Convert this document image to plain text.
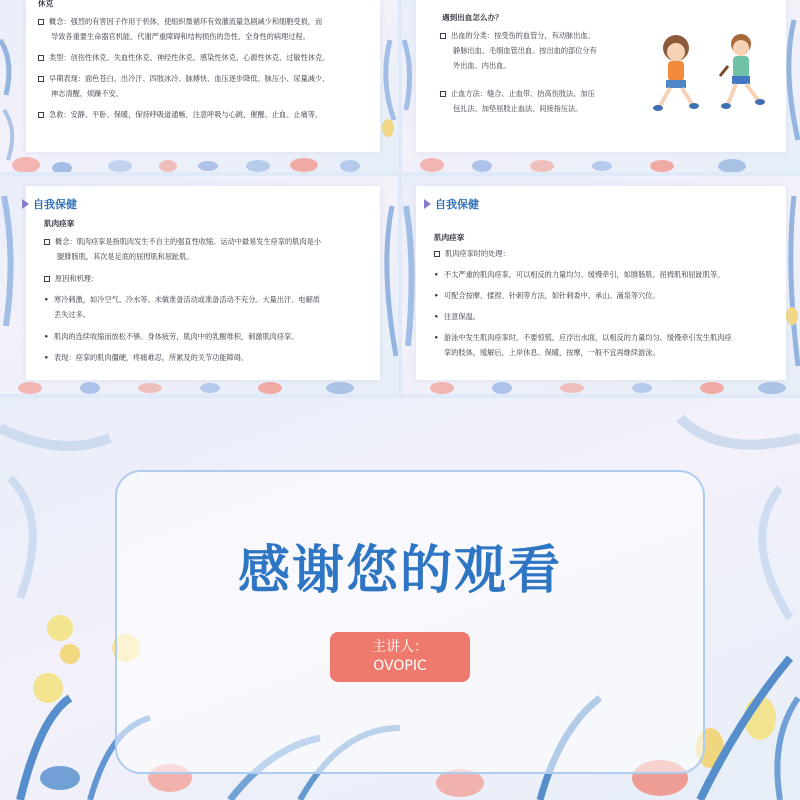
休克
概念：强烈的有害因子作用于机体，使组织微循环有效灌流量急剧减少和细胞受损，而
导致各重要生命器官机能、代谢严重障碍和结构损伤的急性、全身性的病理过程。
类型：创伤性休克、失血性休克、神经性休克、感染性休克、心源性休克、过敏性休克。
早期表现：面色苍白、出冷汗、四肢冰冷、脉搏快、血压逐步降低、脉压小、尿量减少、
神志清醒、烦躁不安。
急救：安静、平卧、保暖，保持呼吸道通畅，注意呼吸与心跳，催醒、止血、止痛等。
遇到出血怎么办？
出血的分类：按受伤的血管分，有动脉出血、
静脉出血、毛细血管出血。按出血的部位分有
外出血、内出血。
止血方法：缝合、止血带、抬高伤肢法、加压
包扎法、加垫屈肢止血法、间接指压法。
自我保健
肌肉痉挛
概念：肌肉痉挛是指肌肉发生不自主的强直性收缩。运动中最易发生痉挛的肌肉是小
腿腓肠肌，其次是足底的屈拇肌和屈趾肌。
原因和机理：
• 寒冷刺激，如冷空气、冷水等。未做准备活动或准备活动不充分。大量出汗、电解质
丢失过多。
• 肌肉的连续收缩而放松不够。身体疲劳，肌肉中的乳酸堆积，刺激肌肉痉挛。
• 表现：痉挛的肌肉僵硬，疼痛难忍，所累及的关节功能障碍。
自我保健
肌肉痉挛
肌肉痉挛时的处理：
• 不太严重的肌肉痉挛，可以相反的力量均匀、缓慢牵引，如腓肠肌、屈拇肌和屈趾肌等。
• 可配合按摩、揉捏、针刺等方法，如针刺委中、承山、涌泉等穴位。
• 注意保温。
• 游泳中发生肌肉痉挛时，不要惊慌，应浮出水面，以相反的力量均匀、缓慢牵引发生肌肉痉
挛的肢体，缓解后，上岸休息、保暖、按摩，一般不宜再继续游泳。
感谢您的观看
主讲人：
OVOPIC
